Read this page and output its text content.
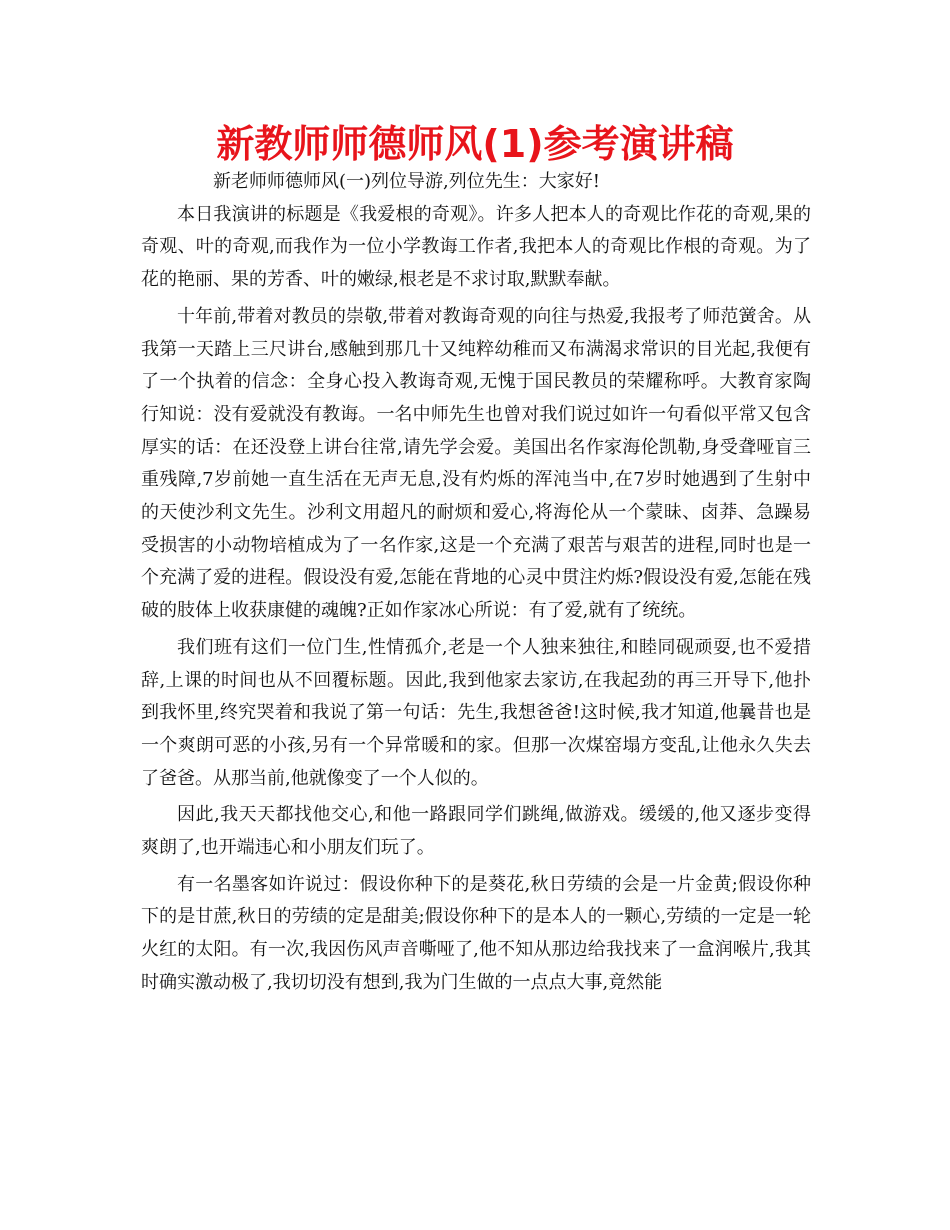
新教师师德师风(1)参考演讲稿

新老师师德师风(一)列位导游,列位先生：大家好!

本日我演讲的标题是《我爱根的奇观》。许多人把本人的奇观比作花的奇观,果的奇观、叶的奇观,而我作为一位小学教诲工作者,我把本人的奇观比作根的奇观。为了花的艳丽、果的芳香、叶的嫩绿,根老是不求讨取,默默奉献。

十年前,带着对教员的崇敬,带着对教诲奇观的向往与热爱,我报考了师范黉舍。从我第一天踏上三尺讲台,感触到那几十又纯粹幼稚而又布满渴求常识的目光起,我便有了一个执着的信念：全身心投入教诲奇观,无愧于国民教员的荣耀称呼。大教育家陶行知说：没有爱就没有教诲。一名中师先生也曾对我们说过如许一句看似平常又包含厚实的话：在还没登上讲台往常,请先学会爱。美国出名作家海伦凯勒,身受聋哑盲三重残障,7岁前她一直生活在无声无息,没有灼烁的浑沌当中,在7岁时她遇到了生射中的天使沙利文先生。沙利文用超凡的耐烦和爱心,将海伦从一个蒙昧、卤莽、急躁易受损害的小动物培植成为了一名作家,这是一个充满了艰苦与艰苦的进程,同时也是一个充满了爱的进程。假设没有爱,怎能在背地的心灵中贯注灼烁?假设没有爱,怎能在残破的肢体上收获康健的魂魄?正如作家冰心所说：有了爱,就有了统统。

我们班有这们一位门生,性情孤介,老是一个人独来独往,和睦同砚顽耍,也不爱措辞,上课的时间也从不回覆标题。因此,我到他家去家访,在我起劲的再三开导下,他扑到我怀里,终究哭着和我说了第一句话：先生,我想爸爸!这时候,我才知道,他曩昔也是一个爽朗可恶的小孩,另有一个异常暖和的家。但那一次煤窑塌方变乱,让他永久失去了爸爸。从那当前,他就像变了一个人似的。

因此,我天天都找他交心,和他一路跟同学们跳绳,做游戏。缓缓的,他又逐步变得爽朗了,也开端违心和小朋友们玩了。

有一名墨客如许说过：假设你种下的是葵花,秋日劳绩的会是一片金黄;假设你种下的是甘蔗,秋日的劳绩的定是甜美;假设你种下的是本人的一颗心,劳绩的一定是一轮火红的太阳。有一次,我因伤风声音嘶哑了,他不知从那边给我找来了一盒润喉片,我其时确实激动极了,我切切没有想到,我为门生做的一点点大事,竟然能
